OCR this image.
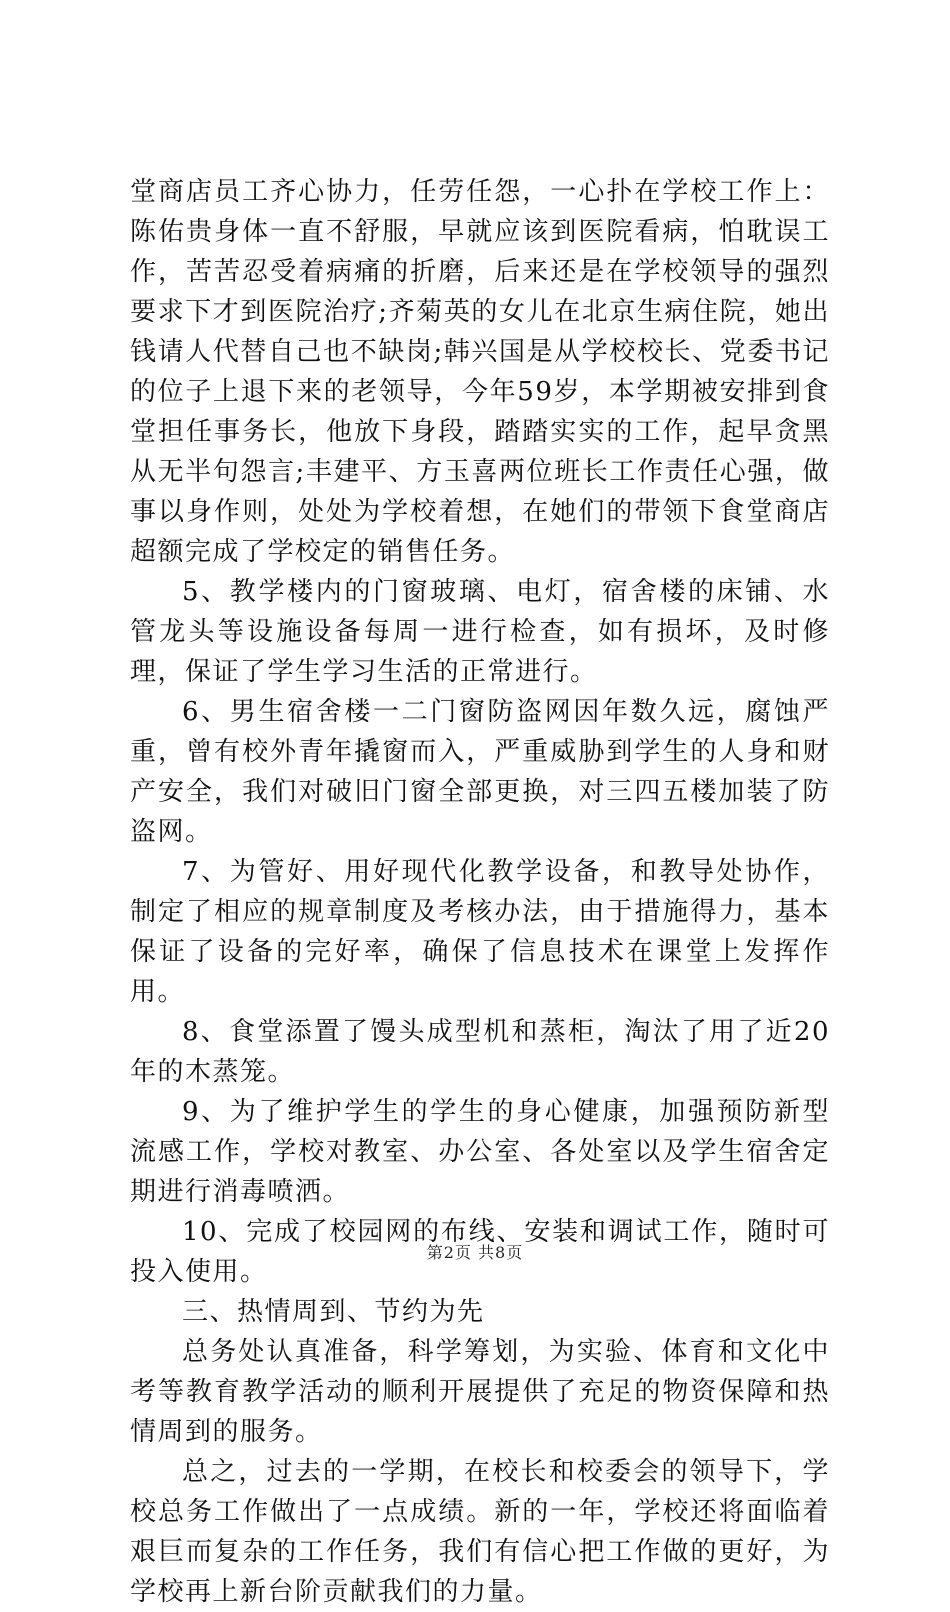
堂商店员工齐心协力，任劳任怨，一心扑在学校工作上：陈佑贵身体一直不舒服，早就应该到医院看病，怕耽误工作，苦苦忍受着病痛的折磨，后来还是在学校领导的强烈要求下才到医院治疗;齐菊英的女儿在北京生病住院，她出钱请人代替自己也不缺岗;韩兴国是从学校校长、党委书记的位子上退下来的老领导，今年59岁，本学期被安排到食堂担任事务长，他放下身段，踏踏实实的工作，起早贪黑从无半句怨言;丰建平、方玉喜两位班长工作责任心强，做事以身作则，处处为学校着想，在她们的带领下食堂商店超额完成了学校定的销售任务。

5、教学楼内的门窗玻璃、电灯，宿舍楼的床铺、水管龙头等设施设备每周一进行检查，如有损坏，及时修理，保证了学生学习生活的正常进行。

6、男生宿舍楼一二门窗防盗网因年数久远，腐蚀严重，曾有校外青年撬窗而入，严重威胁到学生的人身和财产安全，我们对破旧门窗全部更换，对三四五楼加装了防盗网。

7、为管好、用好现代化教学设备，和教导处协作，制定了相应的规章制度及考核办法，由于措施得力，基本保证了设备的完好率，确保了信息技术在课堂上发挥作用。

8、食堂添置了馒头成型机和蒸柜，淘汰了用了近20年的木蒸笼。

9、为了维护学生的学生的身心健康，加强预防新型流感工作，学校对教室、办公室、各处室以及学生宿舍定期进行消毒喷洒。

10、完成了校园网的布线、安装和调试工作，随时可投入使用。

三、热情周到、节约为先

总务处认真准备，科学筹划，为实验、体育和文化中考等教育教学活动的顺利开展提供了充足的物资保障和热情周到的服务。

总之，过去的一学期，在校长和校委会的领导下，学校总务工作做出了一点成绩。新的一年，学校还将面临着艰巨而复杂的工作任务，我们有信心把工作做的更好，为学校再上新台阶贡献我们的力量。

第2页 共8页
